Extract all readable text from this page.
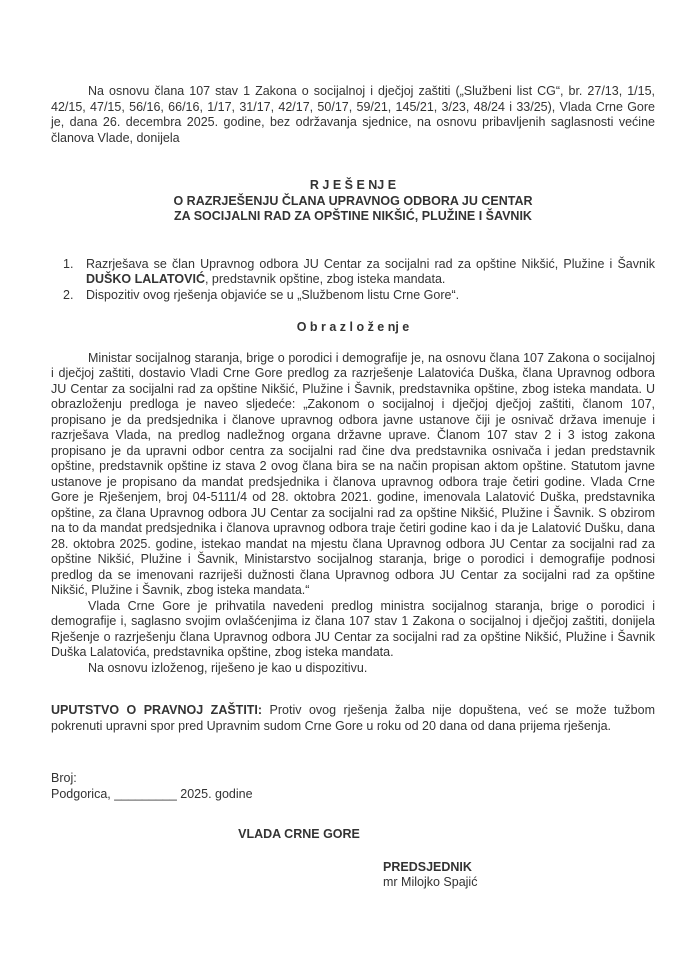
Na osnovu člana 107 stav 1 Zakona o socijalnoj i dječjoj zaštiti („Službeni list CG“, br. 27/13, 1/15, 42/15, 47/15, 56/16, 66/16, 1/17, 31/17, 42/17, 50/17, 59/21, 145/21, 3/23, 48/24 i 33/25), Vlada Crne Gore je, dana 26. decembra 2025. godine, bez održavanja sjednice, na osnovu pribavljenih saglasnosti većine članova Vlade, donijela

R J E Š E NJ E
O RAZRJEŠENJU ČLANA UPRAVNOG ODBORA JU CENTAR
ZA SOCIJALNI RAD ZA OPŠTINE NIKŠIĆ, PLUŽINE I ŠAVNIK
1.	Razrješava se član Upravnog odbora JU Centar za socijalni rad za opštine Nikšić, Plužine i Šavnik DUŠKO LALATOVIĆ, predstavnik opštine, zbog isteka mandata.
2.	Dispozitiv ovog rješenja objaviće se u „Službenom listu Crne Gore“.
O b r a z l o ž e nj e

Ministar socijalnog staranja, brige o porodici i demografije je, na osnovu člana 107 Zakona o socijalnoj i dječjoj zaštiti, dostavio Vladi Crne Gore predlog za razrješenje Lalatovića Duška, člana Upravnog odbora JU Centar za socijalni rad za opštine Nikšić, Plužine i Šavnik, predstavnika opštine, zbog isteka mandata. U obrazloženju predloga je naveo sljedeće: „Zakonom o socijalnoj i dječjoj dječjoj zaštiti, članom 107, propisano je da predsjednika i članove upravnog odbora javne ustanove čiji je osnivač država imenuje i razrješava Vlada, na predlog nadležnog organa državne uprave. Članom 107 stav 2 i 3 istog zakona propisano je da upravni odbor centra za socijalni rad čine dva predstavnika osnivača i jedan predstavnik opštine, predstavnik opštine iz stava 2 ovog člana bira se na način propisan aktom opštine. Statutom javne ustanove je propisano da mandat predsjednika i članova upravnog odbora traje četiri godine. Vlada Crne Gore je Rješenjem, broj 04-5111/4 od 28. oktobra 2021. godine, imenovala Lalatović Duška, predstavnika opštine, za člana Upravnog odbora JU Centar za socijalni rad za opštine Nikšić, Plužine i Šavnik. S obzirom na to da mandat predsjednika i članova upravnog odbora traje četiri godine kao i da je Lalatović Dušku, dana 28. oktobra 2025. godine, istekao mandat na mjestu člana Upravnog odbora JU Centar za socijalni rad za opštine Nikšić, Plužine i Šavnik, Ministarstvo socijalnog staranja, brige o porodici i demografije podnosi predlog da se imenovani razriješi dužnosti člana Upravnog odbora JU Centar za socijalni rad za opštine Nikšić, Plužine i Šavnik, zbog isteka mandata.“

Vlada Crne Gore je prihvatila navedeni predlog ministra socijalnog staranja, brige o porodici i demografije i, saglasno svojim ovlašćenjima iz člana 107 stav 1 Zakona o socijalnoj i dječjoj zaštiti, donijela Rješenje o razrješenju člana Upravnog odbora JU Centar za socijalni rad za opštine Nikšić, Plužine i Šavnik Duška Lalatovića, predstavnika opštine, zbog isteka mandata.

Na osnovu izloženog, riješeno je kao u dispozitivu.

UPUTSTVO O PRAVNOJ ZAŠTITI: Protiv ovog rješenja žalba nije dopuštena, već se može tužbom pokrenuti upravni spor pred Upravnim sudom Crne Gore u roku od 20 dana od dana prijema rješenja.

Broj:
Podgorica, _________ 2025. godine
VLADA CRNE GORE
PREDSJEDNIK
mr Milojko Spajić
